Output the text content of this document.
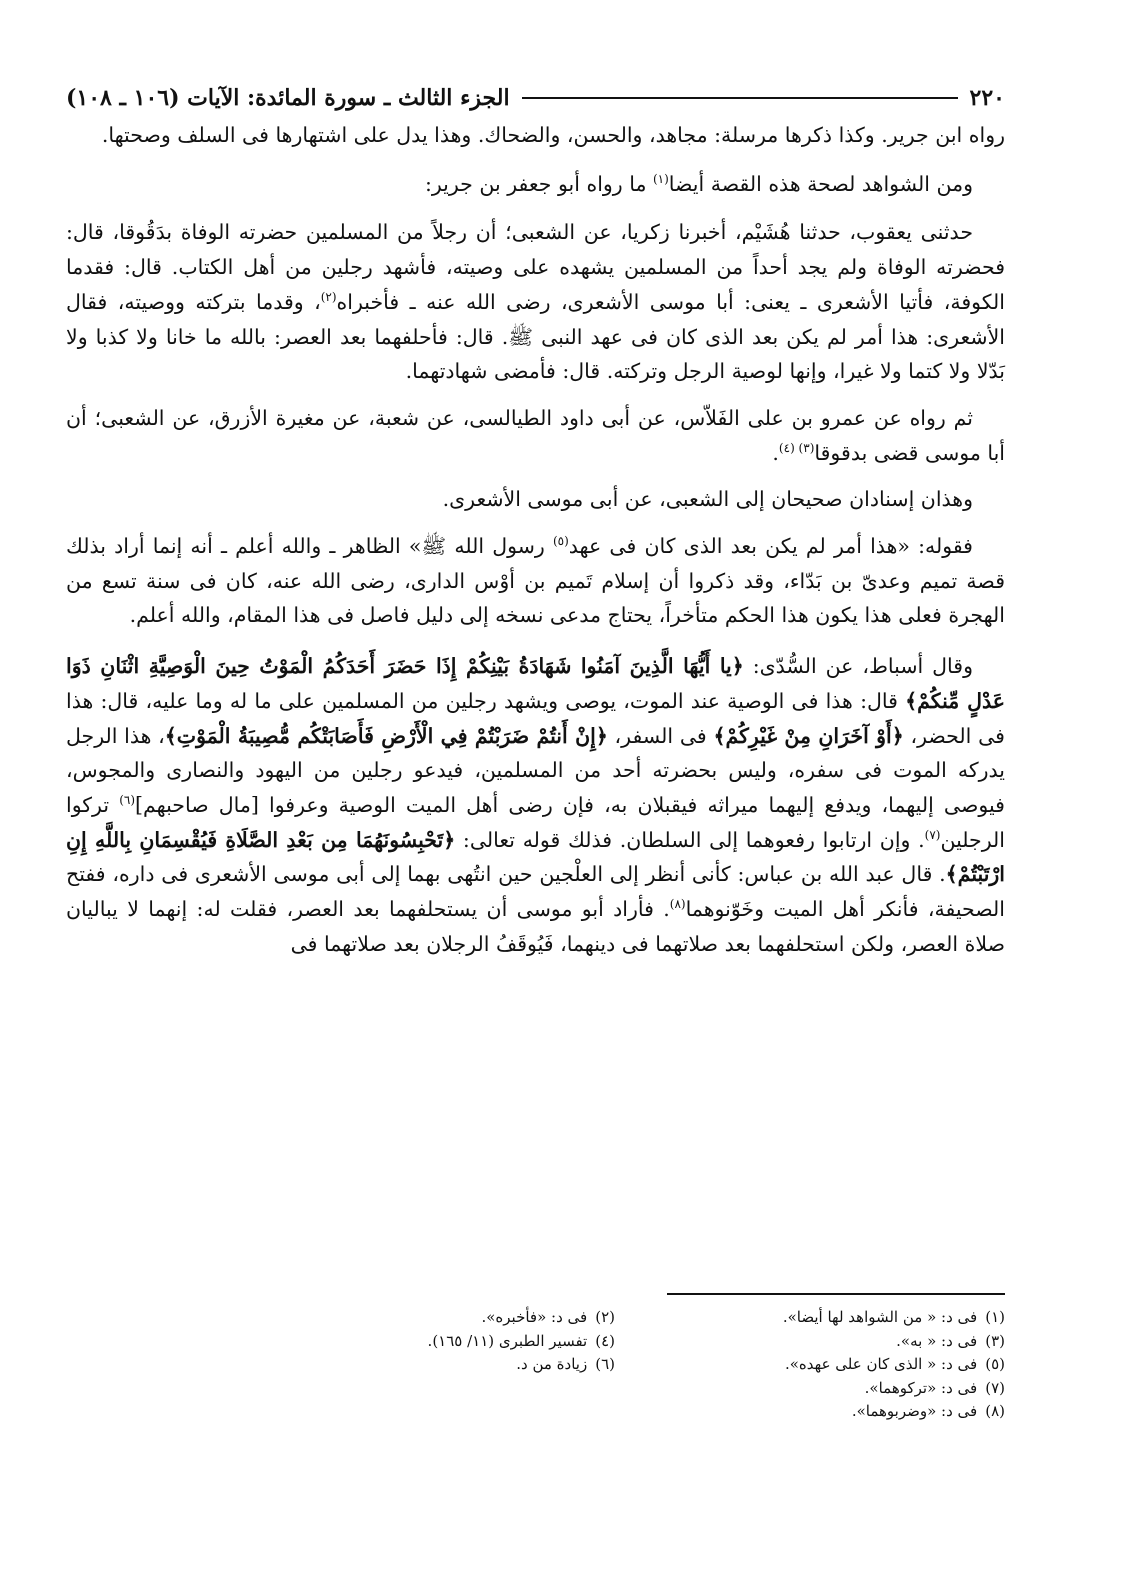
٢٢٠
الجزء الثالث ـ سورة المائدة: الآيات (١٠٦ ـ ١٠٨)

رواه ابن جرير. وكذا ذكرها مرسلة: مجاهد، والحسن، والضحاك. وهذا يدل على اشتهارها فى السلف وصحتها.

ومن الشواهد لصحة هذه القصة أيضا$^{(١)}$ ما رواه أبو جعفر بن جرير:

حدثنى يعقوب، حدثنا هُشَيْم، أخبرنا زكريا، عن الشعبى؛ أن رجلاً من المسلمين حضرته الوفاة بدَقُوقا، قال: فحضرته الوفاة ولم يجد أحداً من المسلمين يشهده على وصيته، فأشهد رجلين من أهل الكتاب. قال: فقدما الكوفة، فأتيا الأشعرى ـ يعنى: أبا موسى الأشعرى، رضى الله عنه ـ فأخبراه$^{(٢)}$، وقدما بتركته ووصيته، فقال الأشعرى: هذا أمر لم يكن بعد الذى كان فى عهد النبى ﷺ. قال: فأحلفهما بعد العصر: بالله ما خانا ولا كذبا ولا بَدّلا ولا كتما ولا غيرا، وإنها لوصية الرجل وتركته. قال: فأمضى شهادتهما.

ثم رواه عن عمرو بن على الفَلاّس، عن أبى داود الطيالسى، عن شعبة، عن مغيرة الأزرق، عن الشعبى؛ أن أبا موسى قضى بدقوقا$^{(٣) (٤)}$.

وهذان إسنادان صحيحان إلى الشعبى، عن أبى موسى الأشعرى.

فقوله: «هذا أمر لم يكن بعد الذى كان فى عهد$^{(٥)}$ رسول الله ﷺ» الظاهر ـ والله أعلم ـ أنه إنما أراد بذلك قصة تميم وعدىّ بن بَدّاء، وقد ذكروا أن إسلام تَميم بن أوْس الدارى، رضى الله عنه، كان فى سنة تسع من الهجرة فعلى هذا يكون هذا الحكم متأخراً، يحتاج مدعى نسخه إلى دليل فاصل فى هذا المقام، والله أعلم.

وقال أسباط، عن السُّدّى: ﴿يا أَيُّهَا الَّذِينَ آمَنُوا شَهَادَةُ بَيْنِكُمْ إِذَا حَضَرَ أَحَدَكُمُ الْمَوْتُ حِينَ الْوَصِيَّةِ اثْنَانِ ذَوَا عَدْلٍ مِّنكُمْ﴾ قال: هذا فى الوصية عند الموت، يوصى ويشهد رجلين من المسلمين على ما له وما عليه، قال: هذا فى الحضر، ﴿أَوْ آخَرَانِ مِنْ غَيْرِكُمْ﴾ فى السفر، ﴿إِنْ أَنتُمْ ضَرَبْتُمْ فِي الْأَرْضِ فَأَصَابَتْكُم مُّصِيبَةُ الْمَوْتِ﴾، هذا الرجل يدركه الموت فى سفره، وليس بحضرته أحد من المسلمين، فيدعو رجلين من اليهود والنصارى والمجوس، فيوصى إليهما، ويدفع إليهما ميراثه فيقبلان به، فإن رضى أهل الميت الوصية وعرفوا [مال صاحبهم]$^{(٦)}$ تركوا الرجلين$^{(٧)}$. وإن ارتابوا رفعوهما إلى السلطان. فذلك قوله تعالى: ﴿تَحْبِسُونَهُمَا مِن بَعْدِ الصَّلَاةِ فَيُقْسِمَانِ بِاللَّهِ إِنِ ارْتَبْتُمْ﴾. قال عبد الله بن عباس: كأنى أنظر إلى العلْجين حين انتُهى بهما إلى أبى موسى الأشعرى فى داره، ففتح الصحيفة، فأنكر أهل الميت وخَوّنوهما$^{(٨)}$. فأراد أبو موسى أن يستحلفهما بعد العصر، فقلت له: إنهما لا يباليان صلاة العصر، ولكن استحلفهما بعد صلاتهما فى دينهما، فَيُوقَفُ الرجلان بعد صلاتهما فى

(١)فى د: « من الشواهد لها أيضا».
(٢)فى د: «فأخبره».
(٣)فى د: « به».
(٤)تفسير الطبرى (١١/ ١٦٥).
(٥)فى د: « الذى كان على عهده».
(٦)زيادة من د.
(٧)فى د: «تركوهما».
(٨)فى د: «وضربوهما».
